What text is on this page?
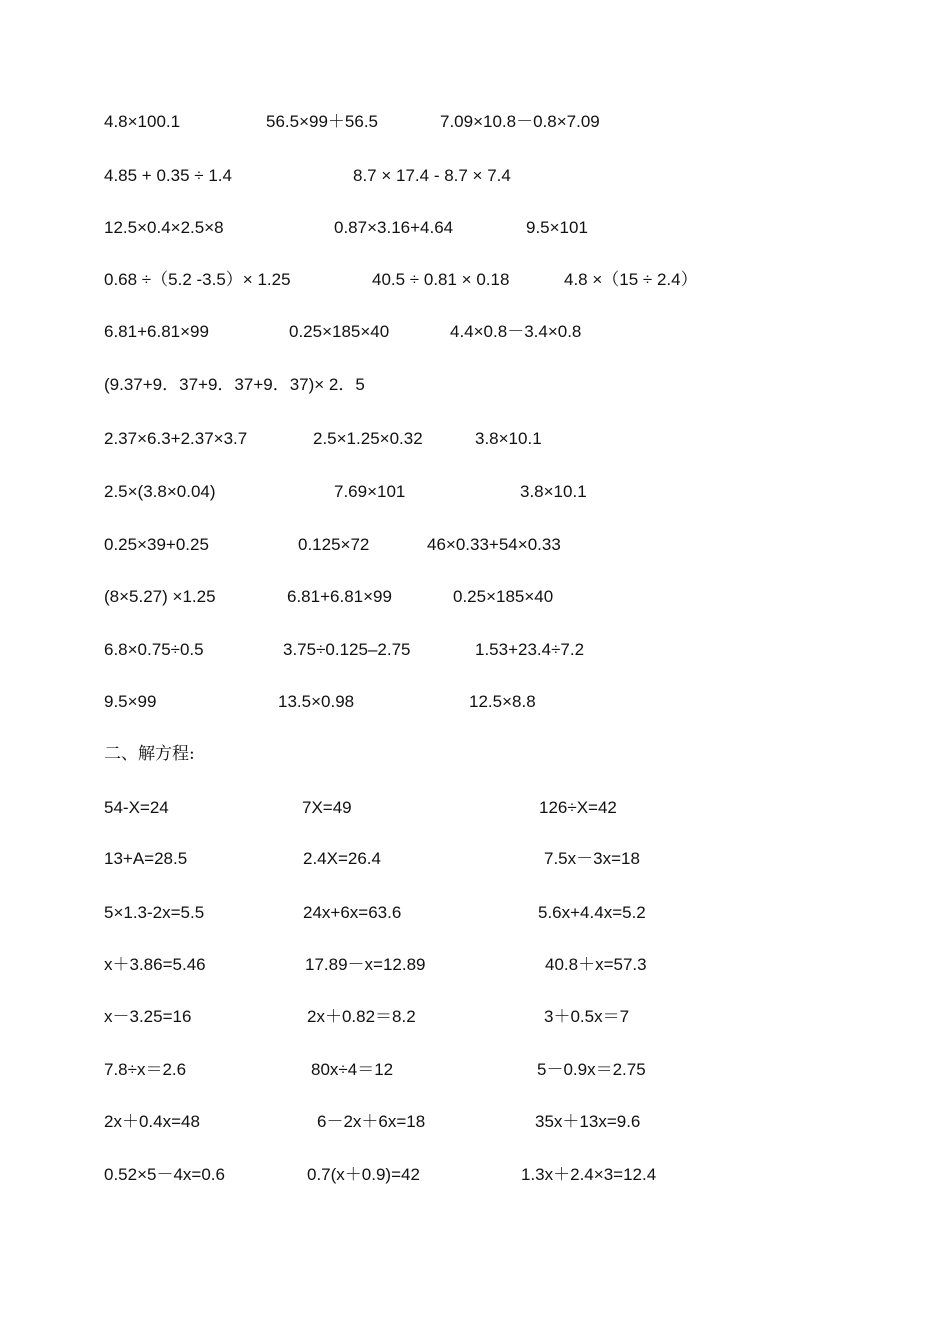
4.8×100.1	56.5×99＋56.5	7.09×10.8－0.8×7.09
4.85 + 0.35 ÷ 1.4	8.7 × 17.4 - 8.7 × 7.4
12.5×0.4×2.5×8	0.87×3.16+4.64	9.5×101
0.68 ÷（5.2 -3.5）× 1.25	40.5 ÷ 0.81 × 0.18	4.8 ×（15 ÷ 2.4）
6.81+6.81×99	0.25×185×40	4.4×0.8－3.4×0.8
(9.37+9．37+9．37+9．37)× 2．5
2.37×6.3+2.37×3.7	2.5×1.25×0.32	3.8×10.1
2.5×(3.8×0.04)	7.69×101	3.8×10.1
0.25×39+0.25	0.125×72	46×0.33+54×0.33
(8×5.27) ×1.25	6.81+6.81×99	0.25×185×40
6.8×0.75÷0.5	3.75÷0.125–2.75	1.53+23.4÷7.2
9.5×99	13.5×0.98	12.5×8.8
二、解方程:
54-X=24	7X=49	126÷X=42
13+A=28.5	2.4X=26.4	7.5x－3x=18
5×1.3-2x=5.5	24x+6x=63.6	5.6x+4.4x=5.2
x＋3.86=5.46	17.89－x=12.89	40.8＋x=57.3
x－3.25=16	2x＋0.82＝8.2	3＋0.5x＝7
7.8÷x＝2.6	80x÷4＝12	5－0.9x＝2.75
2x＋0.4x=48	6－2x＋6x=18	35x＋13x=9.6
0.52×5－4x=0.6	0.7(x＋0.9)=42	1.3x＋2.4×3=12.4
